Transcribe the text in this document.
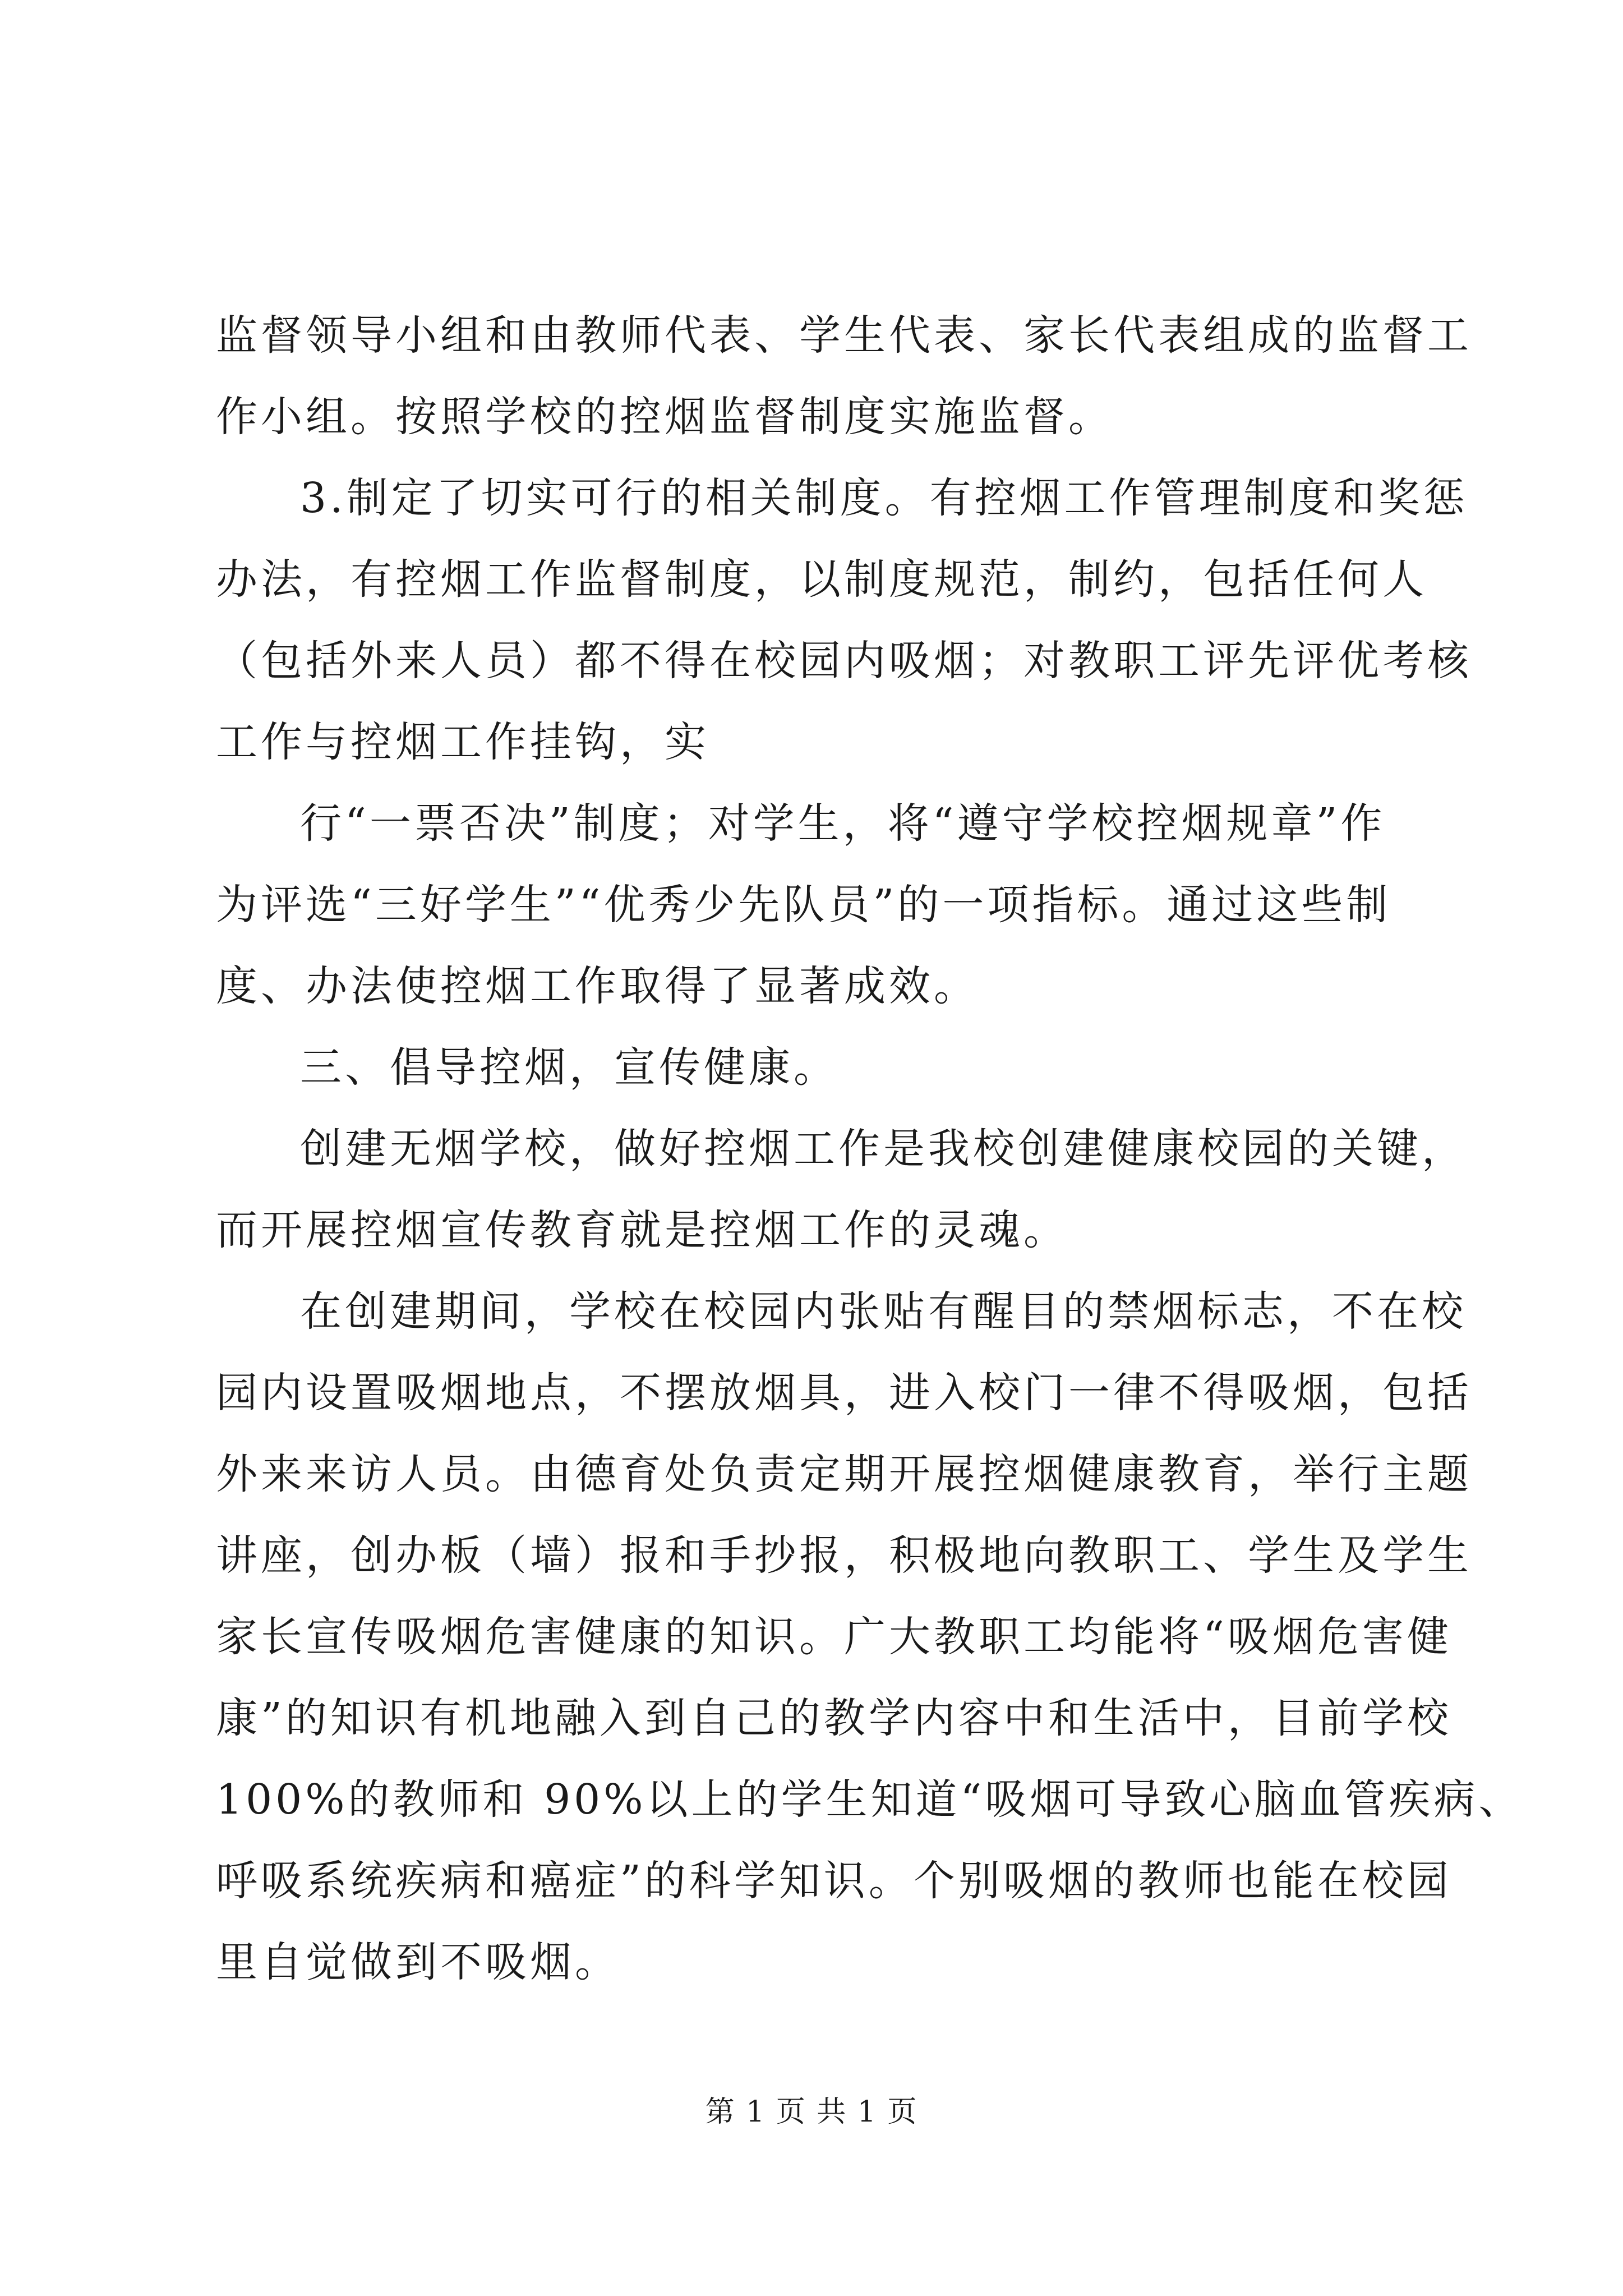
监督领导小组和由教师代表、学生代表、家长代表组成的监督工
作小组。按照学校的控烟监督制度实施监督。
3.制定了切实可行的相关制度。有控烟工作管理制度和奖惩
办法，有控烟工作监督制度，以制度规范，制约，包括任何人
（包括外来人员）都不得在校园内吸烟；对教职工评先评优考核
工作与控烟工作挂钩，实
行“一票否决”制度；对学生，将“遵守学校控烟规章”作
为评选“三好学生”“优秀少先队员”的一项指标。通过这些制
度、办法使控烟工作取得了显著成效。
三、倡导控烟，宣传健康。
创建无烟学校，做好控烟工作是我校创建健康校园的关键，
而开展控烟宣传教育就是控烟工作的灵魂。
在创建期间，学校在校园内张贴有醒目的禁烟标志，不在校
园内设置吸烟地点，不摆放烟具，进入校门一律不得吸烟，包括
外来来访人员。由德育处负责定期开展控烟健康教育，举行主题
讲座，创办板（墙）报和手抄报，积极地向教职工、学生及学生
家长宣传吸烟危害健康的知识。广大教职工均能将“吸烟危害健
康”的知识有机地融入到自己的教学内容中和生活中，目前学校
100%的教师和 90%以上的学生知道“吸烟可导致心脑血管疾病、
呼吸系统疾病和癌症”的科学知识。个别吸烟的教师也能在校园
里自觉做到不吸烟。
第 1 页 共 1 页
